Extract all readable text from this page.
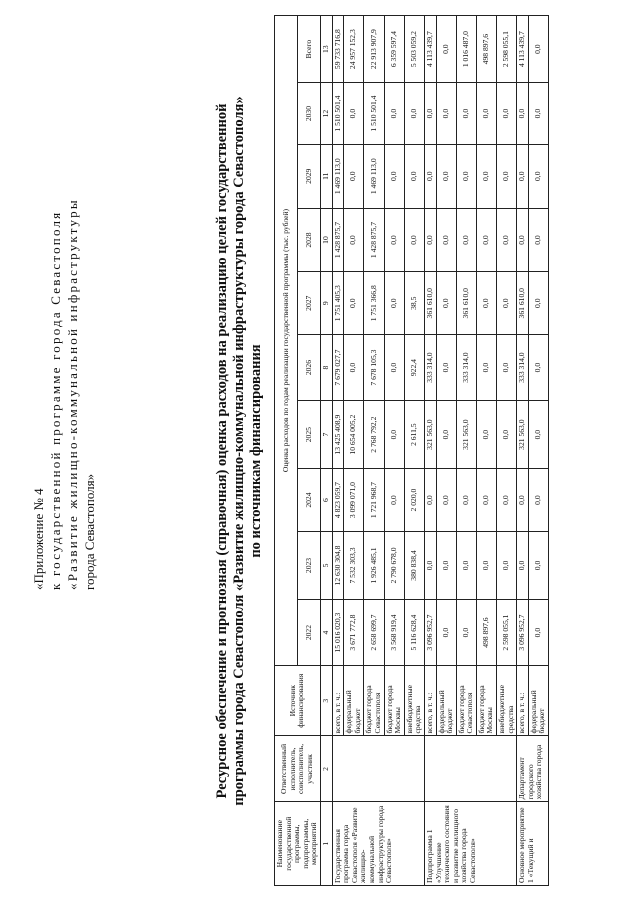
«Приложение № 4 к государственной программе города Севастополя «Развитие жилищно-коммунальной инфраструктуры города Севастополя»	Ресурсное обеспечение и прогнозная (справочная) оценка расходов на реализацию целей государственной программы города Севастополя «Развитие жилищно-коммунальной инфраструктуры города Севастополя» по источникам финансирования
Наименование государственной программы, подпрограммы, мероприятий	Ответственный исполнитель, соисполнитель, участник	Источник финансирования	Оценка расходов по годам реализации государственной программы (тыс. рублей)									
			2022	2023	2024	2025	2026	2027	2028	2029	2030	Всего
1	2	3	4	5	6	7	8	9	10	11	12	13
Государственная программа города Севастополя «Развитие жилищно-коммунальной инфраструктуры города Севастополя»		всего, в т. ч.:	15 016 020,3	12 630 304,8	4 823 059,7	13 425 408,9	7 679 027,7	1 751 405,3	1 428 875,7	1 469 113,0	1 510 501,4	59 733 716,8
		федеральный бюджет	3 671 772,8	7 532 303,3	3 099 071,0	10 654 005,2	0,0	0,0	0,0	0,0	0,0	24 957 152,3
		бюджет города Севастополя	2 658 699,7	1 926 485,1	1 721 968,7	2 768 792,2	7 678 105,3	1 751 366,8	1 428 875,7	1 469 113,0	1 510 501,4	22 913 907,9
		бюджет города Москвы	3 568 919,4	2 790 678,0	0,0	0,0	0,0	0,0	0,0	0,0	0,0	6 359 597,4
		внебюджетные средства	5 116 628,4	380 838,4	2 020,0	2 611,5	922,4	38,5	0,0	0,0	0,0	5 503 059,2
Подпрограмма 1 «Улучшение технического состояния и развитие жилищного хозяйства города Севастополя»		всего, в т. ч.:	3 096 952,7	0,0	0,0	321 563,0	333 314,0	361 610,0	0,0	0,0	0,0	4 113 439,7
		федеральный бюджет	0,0	0,0	0,0	0,0	0,0	0,0	0,0	0,0	0,0	0,0
		бюджет города Севастополя	0,0	0,0	0,0	321 563,0	333 314,0	361 610,0	0,0	0,0	0,0	1 016 487,0
		бюджет города Москвы	498 897,6	0,0	0,0	0,0	0,0	0,0	0,0	0,0	0,0	498 897,6
		внебюджетные средства	2 598 055,1	0,0	0,0	0,0	0,0	0,0	0,0	0,0	0,0	2 598 055,1
Основное мероприятие 1 «Текущий и	Департамент городского хозяйства города	всего, в т. ч.:	3 096 952,7	0,0	0,0	321 563,0	333 314,0	361 610,0	0,0	0,0	0,0	4 113 439,7
		федеральный бюджет	0,0	0,0	0,0	0,0	0,0	0,0	0,0	0,0	0,0	0,0
